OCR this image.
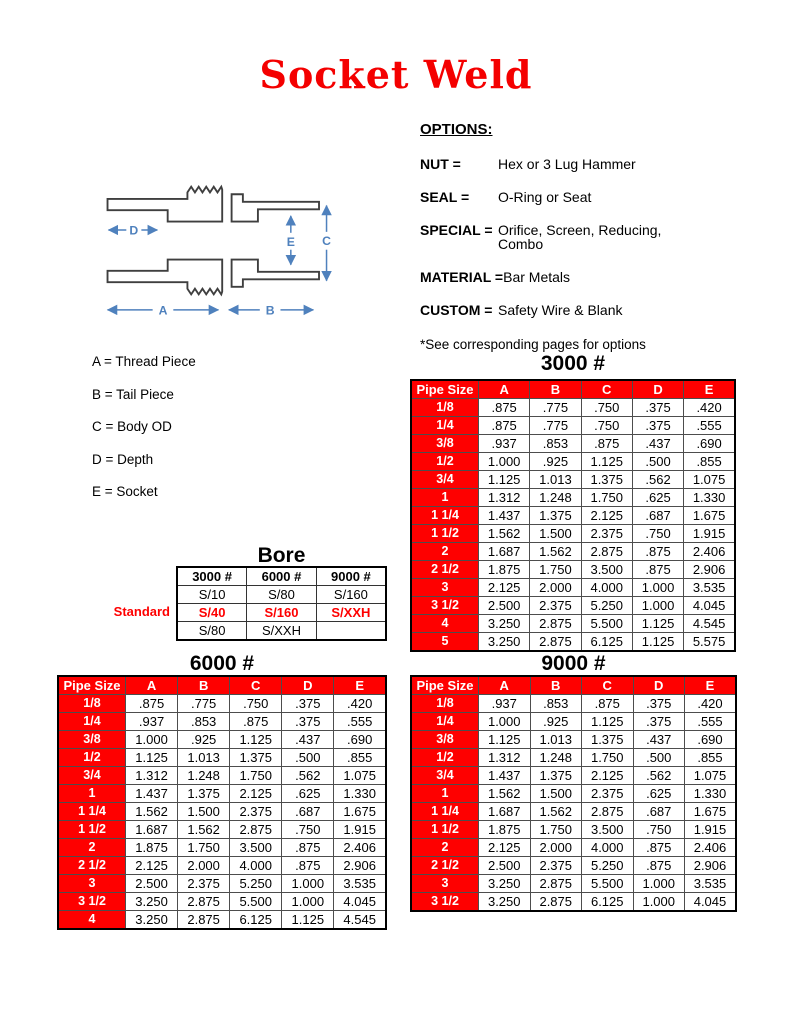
Socket Weld
D
A	B
E C
OPTIONS:
NUT =	Hex or 3 Lug Hammer
SEAL =	O-Ring or Seat
SPECIAL = Orifice, Screen, Reducing, Combo
MATERIAL = Bar Metals
CUSTOM = Safety Wire & Blank
*See corresponding pages for options
A = Thread Piece
B = Tail Piece
C = Body OD
D = Depth
E = Socket
3000 #
Pipe Size	A	B	C	D	E
1/8	.875	.775	.750	.375	.420
1/4	.875	.775	.750	.375	.555
3/8	.937	.853	.875	.437	.690
1/2	1.000	.925	1.125	.500	.855
3/4	1.125	1.013	1.375	.562	1.075
1	1.312	1.248	1.750	.625	1.330
1 1/4	1.437	1.375	2.125	.687	1.675
1 1/2	1.562	1.500	2.375	.750	1.915
2	1.687	1.562	2.875	.875	2.406
2 1/2	1.875	1.750	3.500	.875	2.906
3	2.125	2.000	4.000	1.000	3.535
3 1/2	2.500	2.375	5.250	1.000	4.045
4	3.250	2.875	5.500	1.125	4.545
5	3.250	2.875	6.125	1.125	5.575
Bore
Standard
3000 #	6000 #	9000 #
S/10	S/80	S/160
S/40	S/160	S/XXH
S/80	S/XXH	
6000 #
Pipe Size	A	B	C	D	E
1/8	.875	.775	.750	.375	.420
1/4	.937	.853	.875	.375	.555
3/8	1.000	.925	1.125	.437	.690
1/2	1.125	1.013	1.375	.500	.855
3/4	1.312	1.248	1.750	.562	1.075
1	1.437	1.375	2.125	.625	1.330
1 1/4	1.562	1.500	2.375	.687	1.675
1 1/2	1.687	1.562	2.875	.750	1.915
2	1.875	1.750	3.500	.875	2.406
2 1/2	2.125	2.000	4.000	.875	2.906
3	2.500	2.375	5.250	1.000	3.535
3 1/2	3.250	2.875	5.500	1.000	4.045
4	3.250	2.875	6.125	1.125	4.545
9000 #
Pipe Size	A	B	C	D	E
1/8	.937	.853	.875	.375	.420
1/4	1.000	.925	1.125	.375	.555
3/8	1.125	1.013	1.375	.437	.690
1/2	1.312	1.248	1.750	.500	.855
3/4	1.437	1.375	2.125	.562	1.075
1	1.562	1.500	2.375	.625	1.330
1 1/4	1.687	1.562	2.875	.687	1.675
1 1/2	1.875	1.750	3.500	.750	1.915
2	2.125	2.000	4.000	.875	2.406
2 1/2	2.500	2.375	5.250	.875	2.906
3	3.250	2.875	5.500	1.000	3.535
3 1/2	3.250	2.875	6.125	1.000	4.045
